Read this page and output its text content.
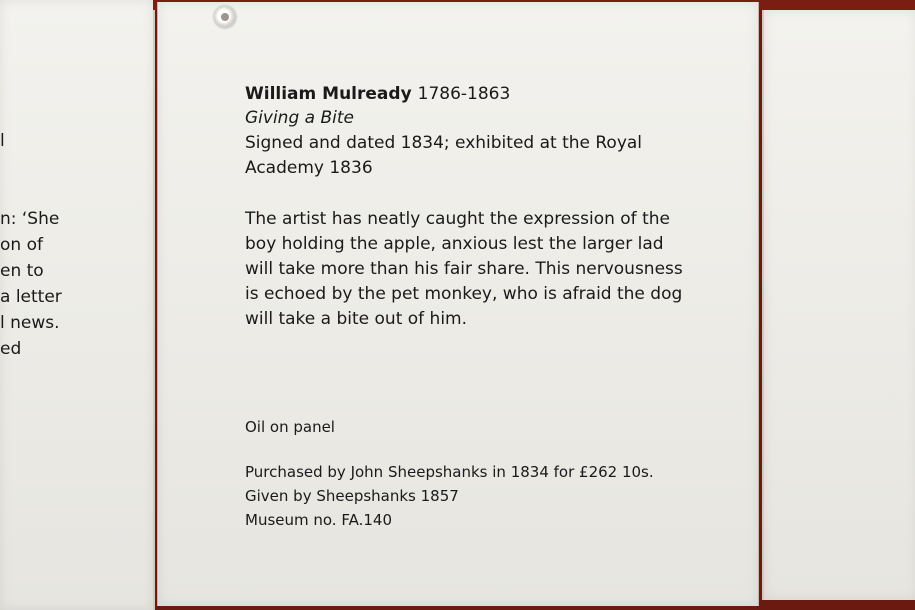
l
n: ‘She
on of
en to
a letter
l news.
ed
William Mulready 1786-1863
Giving a Bite
Signed and dated 1834; exhibited at the Royal
Academy 1836
The artist has neatly caught the expression of the
boy holding the apple, anxious lest the larger lad
will take more than his fair share. This nervousness
is echoed by the pet monkey, who is afraid the dog
will take a bite out of him.
Oil on panel
Purchased by John Sheepshanks in 1834 for £262 10s.
Given by Sheepshanks 1857
Museum no. FA.140
